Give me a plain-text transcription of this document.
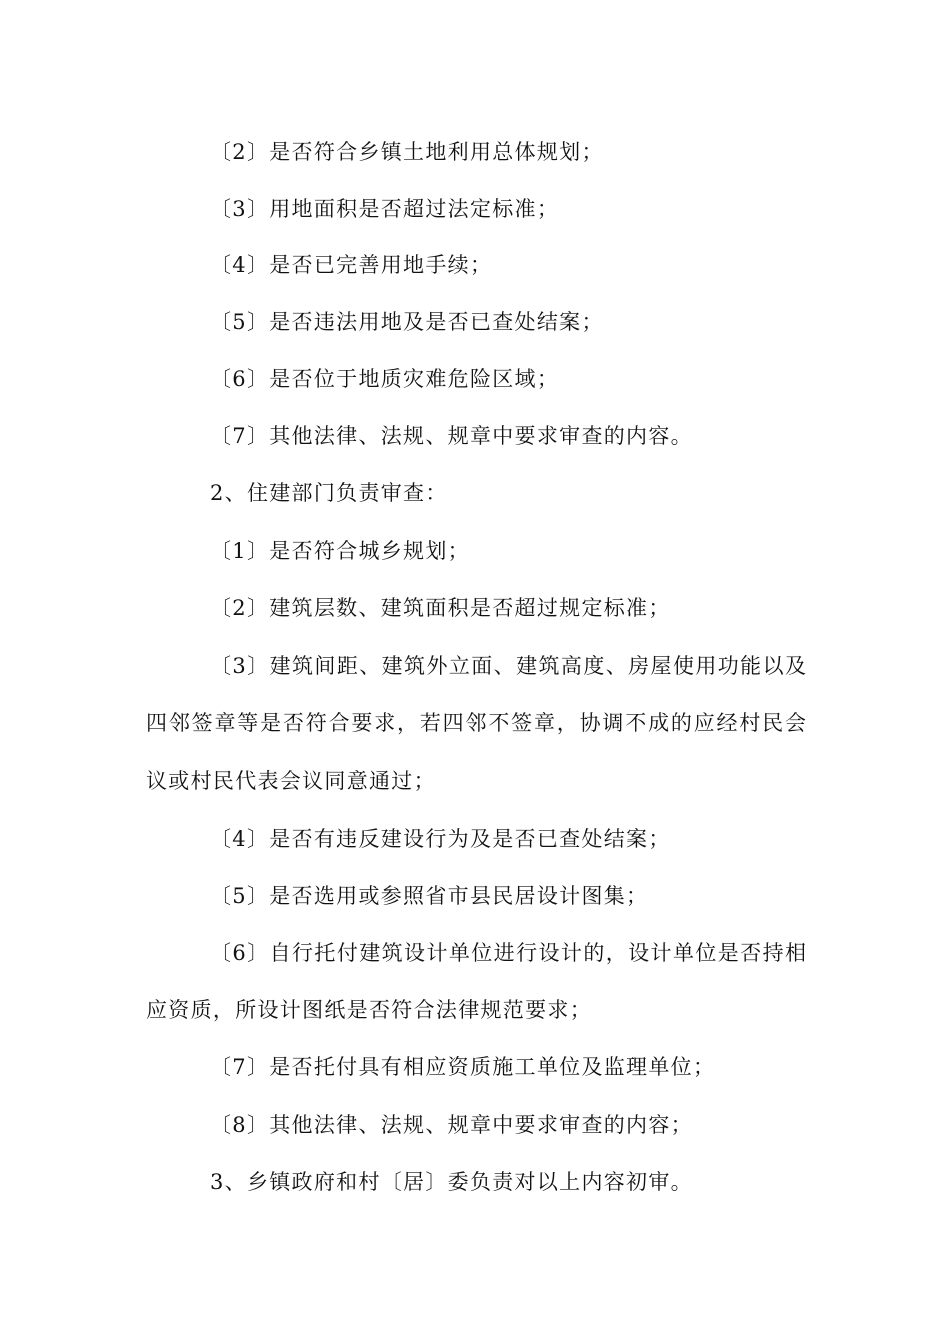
〔2〕是否符合乡镇土地利用总体规划；
〔3〕用地面积是否超过法定标准；
〔4〕是否已完善用地手续；
〔5〕是否违法用地及是否已查处结案；
〔6〕是否位于地质灾难危险区域；
〔7〕其他法律、法规、规章中要求审查的内容。
2、住建部门负责审查：
〔1〕是否符合城乡规划；
〔2〕建筑层数、建筑面积是否超过规定标准；
〔3〕建筑间距、建筑外立面、建筑高度、房屋使用功能以及
四邻签章等是否符合要求，若四邻不签章，协调不成的应经村民会
议或村民代表会议同意通过；
〔4〕是否有违反建设行为及是否已查处结案；
〔5〕是否选用或参照省市县民居设计图集；
〔6〕自行托付建筑设计单位进行设计的，设计单位是否持相
应资质，所设计图纸是否符合法律规范要求；
〔7〕是否托付具有相应资质施工单位及监理单位；
〔8〕其他法律、法规、规章中要求审查的内容；
3、乡镇政府和村〔居〕委负责对以上内容初审。
